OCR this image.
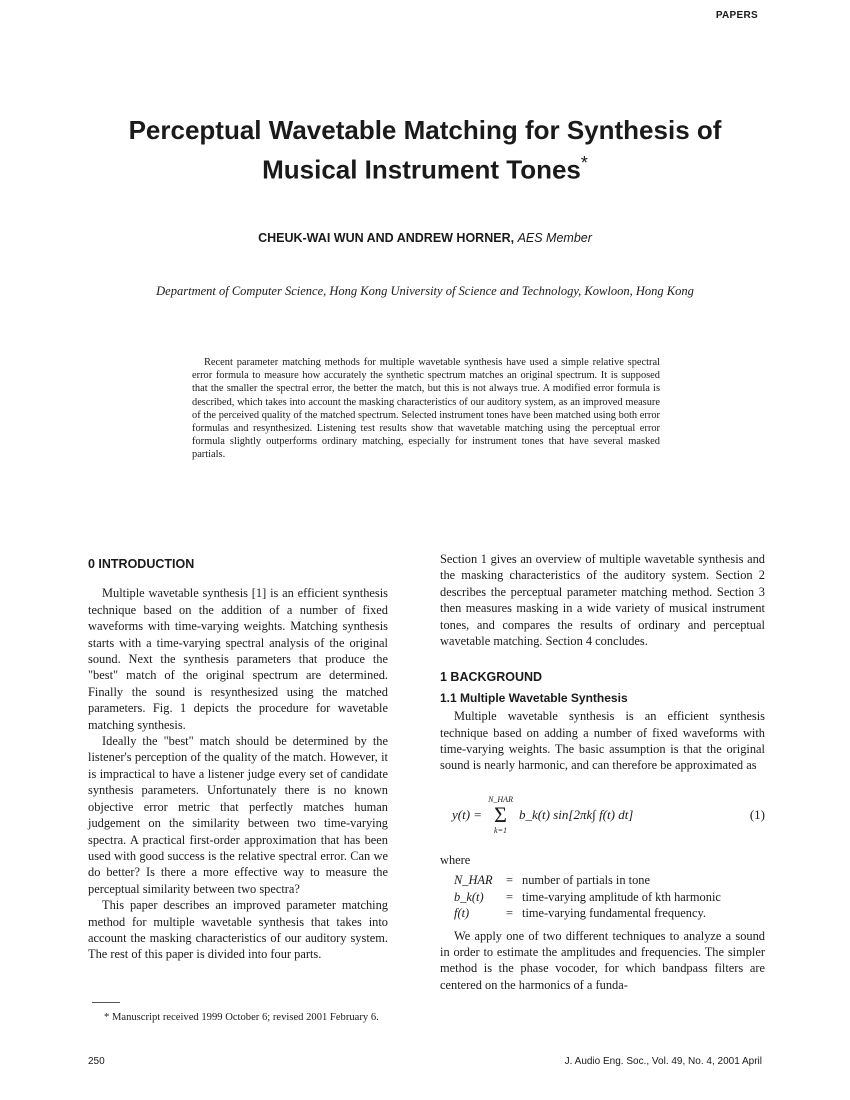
PAPERS
Perceptual Wavetable Matching for Synthesis of
Musical Instrument Tones*
CHEUK-WAI WUN AND ANDREW HORNER, AES Member
Department of Computer Science, Hong Kong University of Science and Technology, Kowloon, Hong Kong
Recent parameter matching methods for multiple wavetable synthesis have used a simple relative spectral error formula to measure how accurately the synthetic spectrum matches an original spectrum. It is supposed that the smaller the spectral error, the better the match, but this is not always true. A modified error formula is described, which takes into account the masking characteristics of our auditory system, as an improved measure of the perceived quality of the matched spectrum. Selected instrument tones have been matched using both error formulas and resynthesized. Listening test results show that wavetable matching using the perceptual error formula slightly outperforms ordinary matching, especially for instrument tones that have several masked partials.
0 INTRODUCTION

Multiple wavetable synthesis [1] is an efficient synthesis technique based on the addition of a number of fixed waveforms with time-varying weights. Matching synthesis starts with a time-varying spectral analysis of the original sound. Next the synthesis parameters that produce the "best" match of the original spectrum are determined. Finally the sound is resynthesized using the matched parameters. Fig. 1 depicts the procedure for wavetable matching synthesis.

Ideally the "best" match should be determined by the listener's perception of the quality of the match. However, it is impractical to have a listener judge every set of candidate synthesis parameters. Unfortunately there is no known objective error metric that perfectly matches human judgement on the similarity between two time-varying spectra. A practical first-order approximation that has been used with good success is the relative spectral error. Can we do better? Is there a more effective way to measure the perceptual similarity between two spectra?

This paper describes an improved parameter matching method for multiple wavetable synthesis that takes into account the masking characteristics of our auditory system. The rest of this paper is divided into four parts.

Section 1 gives an overview of multiple wavetable synthesis and the masking characteristics of the auditory system. Section 2 describes the perceptual parameter matching method. Section 3 then measures masking in a wide variety of musical instrument tones, and compares the results of ordinary and perceptual wavetable matching. Section 4 concludes.

1 BACKGROUND
1.1 Multiple Wavetable Synthesis

Multiple wavetable synthesis is an efficient synthesis technique based on adding a number of fixed waveforms with time-varying weights. The basic assumption is that the original sound is nearly harmonic, and can therefore be approximated as

y(t) =
N_HAR
Σ
k=1
b_k(t) sin[2πk∫ f(t) dt]	(1)

where

N_HAR	= number of partials in tone
b_k(t)	= time-varying amplitude of kth harmonic
f(t)	= time-varying fundamental frequency.

We apply one of two different techniques to analyze a sound in order to estimate the amplitudes and frequencies. The simpler method is the phase vocoder, for which bandpass filters are centered on the harmonics of a funda-

* Manuscript received 1999 October 6; revised 2001 February 6.
250	J. Audio Eng. Soc., Vol. 49, No. 4, 2001 April
